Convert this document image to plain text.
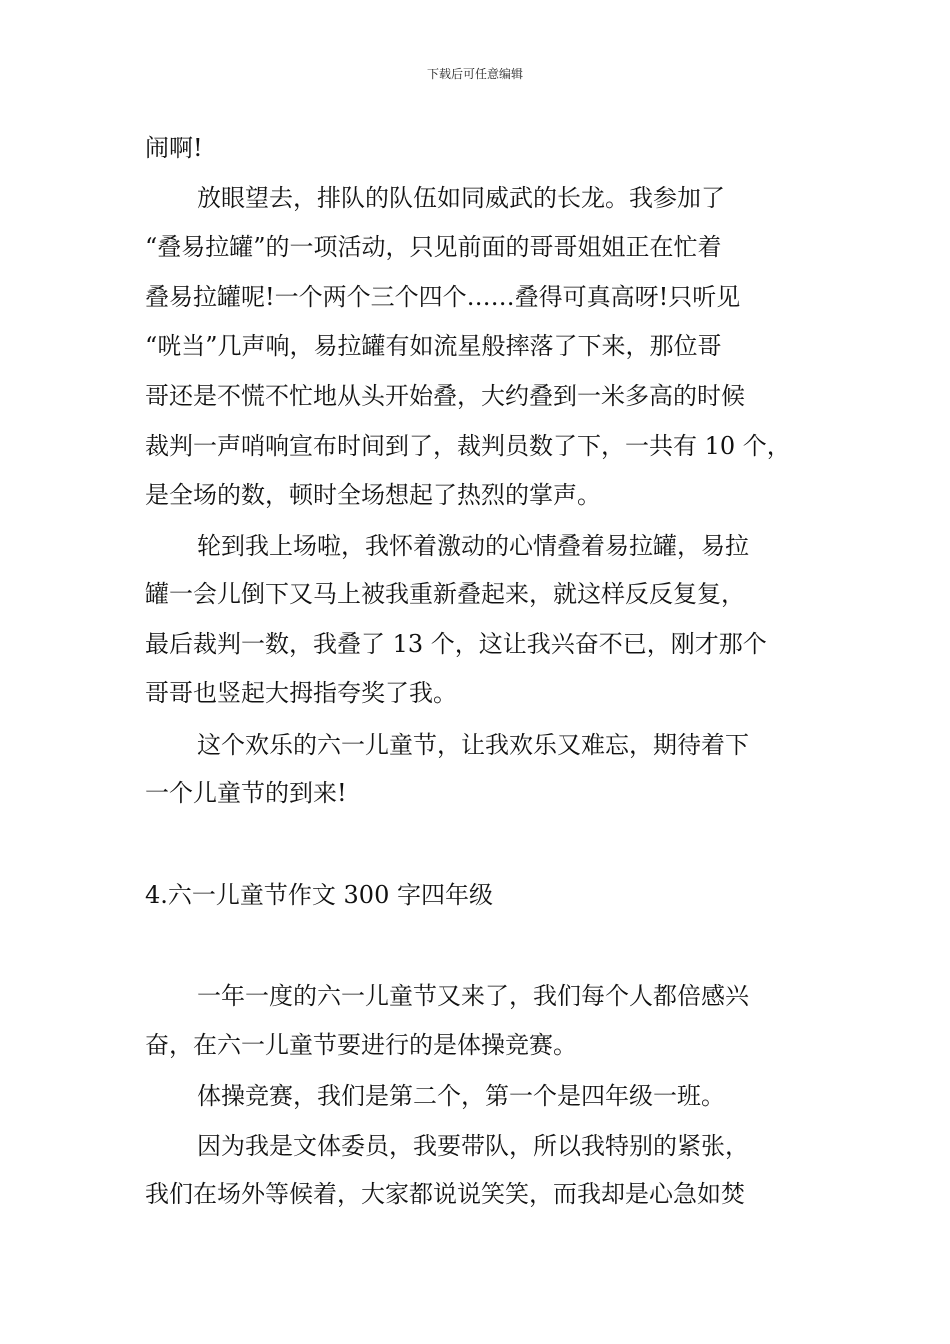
下载后可任意编辑
闹啊!
放眼望去，排队的队伍如同威武的长龙。我参加了
“叠易拉罐”的一项活动，只见前面的哥哥姐姐正在忙着
叠易拉罐呢!一个两个三个四个……叠得可真高呀!只听见
“咣当”几声响，易拉罐有如流星般摔落了下来，那位哥
哥还是不慌不忙地从头开始叠，大约叠到一米多高的时候
裁判一声哨响宣布时间到了，裁判员数了下，一共有 10 个，
是全场的数，顿时全场想起了热烈的掌声。
轮到我上场啦，我怀着激动的心情叠着易拉罐，易拉
罐一会儿倒下又马上被我重新叠起来，就这样反反复复，
最后裁判一数，我叠了 13 个，这让我兴奋不已，刚才那个
哥哥也竖起大拇指夸奖了我。
这个欢乐的六一儿童节，让我欢乐又难忘，期待着下
一个儿童节的到来!
4.六一儿童节作文 300 字四年级
一年一度的六一儿童节又来了，我们每个人都倍感兴
奋，在六一儿童节要进行的是体操竞赛。
体操竞赛，我们是第二个，第一个是四年级一班。
因为我是文体委员，我要带队，所以我特别的紧张，
我们在场外等候着，大家都说说笑笑，而我却是心急如焚
